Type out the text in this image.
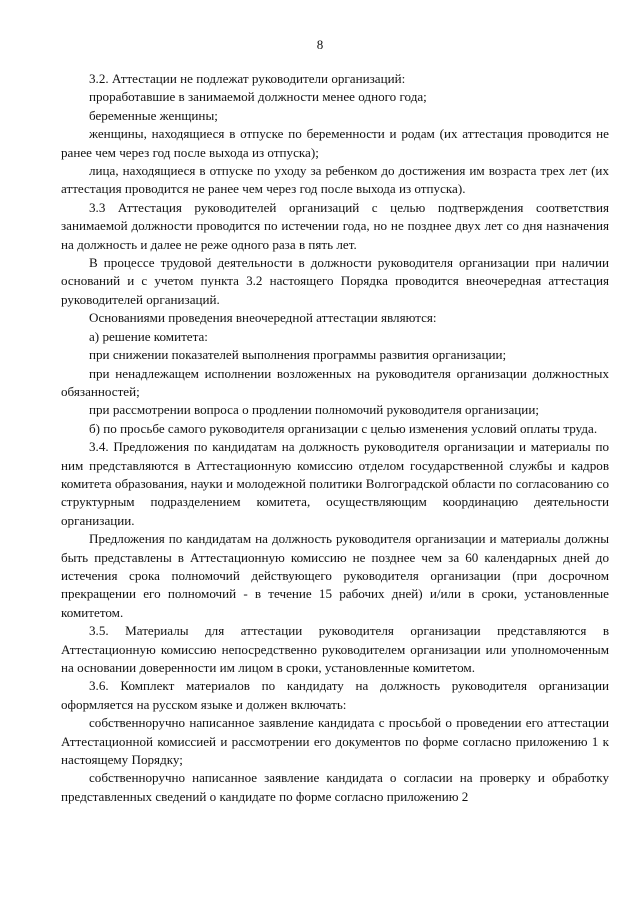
8

3.2. Аттестации не подлежат руководители организаций:

проработавшие в занимаемой должности менее одного года;

беременные женщины;

женщины, находящиеся в отпуске по беременности и родам (их аттестация проводится не ранее чем через год после выхода из отпуска);

лица, находящиеся в отпуске по уходу за ребенком до достижения им возраста трех лет (их аттестация проводится не ранее чем через год после выхода из отпуска).

3.3 Аттестация руководителей организаций с целью подтверждения соответствия занимаемой должности проводится по истечении года, но не позднее двух лет со дня назначения на должность и далее не реже одного раза в пять лет.

В процессе трудовой деятельности в должности руководителя организации при наличии оснований и с учетом пункта 3.2 настоящего Порядка проводится внеочередная аттестация руководителей организаций.

Основаниями проведения внеочередной аттестации являются:

а) решение комитета:

при снижении показателей выполнения программы развития организации;

при ненадлежащем исполнении возложенных на руководителя организации должностных обязанностей;

при рассмотрении вопроса о продлении полномочий руководителя организации;

б) по просьбе самого руководителя организации с целью изменения условий оплаты труда.

3.4. Предложения по кандидатам на должность руководителя организации и материалы по ним представляются в Аттестационную комиссию отделом государственной службы и кадров комитета образования, науки и молодежной политики Волгоградской области по согласованию со структурным подразделением комитета, осуществляющим координацию деятельности организации.

Предложения по кандидатам на должность руководителя организации и материалы должны быть представлены в Аттестационную комиссию не позднее чем за 60 календарных дней до истечения срока полномочий действующего руководителя организации (при досрочном прекращении его полномочий - в течение 15 рабочих дней) и/или в сроки, установленные комитетом.

3.5. Материалы для аттестации руководителя организации представляются в Аттестационную комиссию непосредственно руководителем организации или уполномоченным на основании доверенности им лицом в сроки, установленные комитетом.

3.6. Комплект материалов по кандидату на должность руководителя организации оформляется на русском языке и должен включать:

собственноручно написанное заявление кандидата с просьбой о проведении его аттестации Аттестационной комиссией и рассмотрении его документов по форме согласно приложению 1 к настоящему Порядку;

собственноручно написанное заявление кандидата о согласии на проверку и обработку представленных сведений о кандидате по форме согласно приложению 2
